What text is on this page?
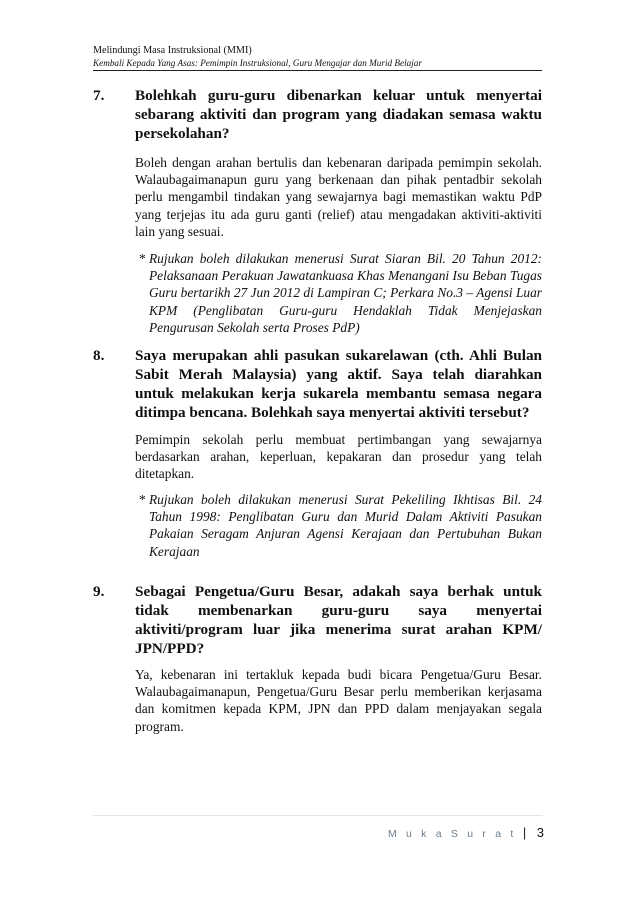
Melindungi Masa Instruksional (MMI)
Kembali Kepada Yang Asas: Pemimpin Instruksional, Guru Mengajar dan Murid Belajar
7. Bolehkah guru-guru dibenarkan keluar untuk menyertai sebarang aktiviti dan program yang diadakan semasa waktu persekolahan?
Boleh dengan arahan bertulis dan kebenaran daripada pemimpin sekolah. Walaubagaimanapun guru yang berkenaan dan pihak pentadbir sekolah perlu mengambil tindakan yang sewajarnya bagi memastikan waktu PdP yang terjejas itu ada guru ganti (relief) atau mengadakan aktiviti-aktiviti lain yang sesuai.
* Rujukan boleh dilakukan menerusi Surat Siaran Bil. 20 Tahun 2012: Pelaksanaan Perakuan Jawatankuasa Khas Menangani Isu Beban Tugas Guru bertarikh 27 Jun 2012 di Lampiran C; Perkara No.3 – Agensi Luar KPM (Penglibatan Guru-guru Hendaklah Tidak Menjejaskan Pengurusan Sekolah serta Proses PdP)
8. Saya merupakan ahli pasukan sukarelawan (cth. Ahli Bulan Sabit Merah Malaysia) yang aktif. Saya telah diarahkan untuk melakukan kerja sukarela membantu semasa negara ditimpa bencana. Bolehkah saya menyertai aktiviti tersebut?
Pemimpin sekolah perlu membuat pertimbangan yang sewajarnya berdasarkan arahan, keperluan, kepakaran dan prosedur yang telah ditetapkan.
* Rujukan boleh dilakukan menerusi Surat Pekeliling Ikhtisas Bil. 24 Tahun 1998: Penglibatan Guru dan Murid Dalam Aktiviti Pasukan Pakaian Seragam Anjuran Agensi Kerajaan dan Pertubuhan Bukan Kerajaan
9. Sebagai Pengetua/Guru Besar, adakah saya berhak untuk tidak membenarkan guru-guru saya menyertai aktiviti/program luar jika menerima surat arahan KPM/ JPN/PPD?
Ya, kebenaran ini tertakluk kepada budi bicara Pengetua/Guru Besar. Walaubagaimanapun, Pengetua/Guru Besar perlu memberikan kerjasama dan komitmen kepada KPM, JPN dan PPD dalam menjayakan segala program.
M u k a S u r a t | 3
